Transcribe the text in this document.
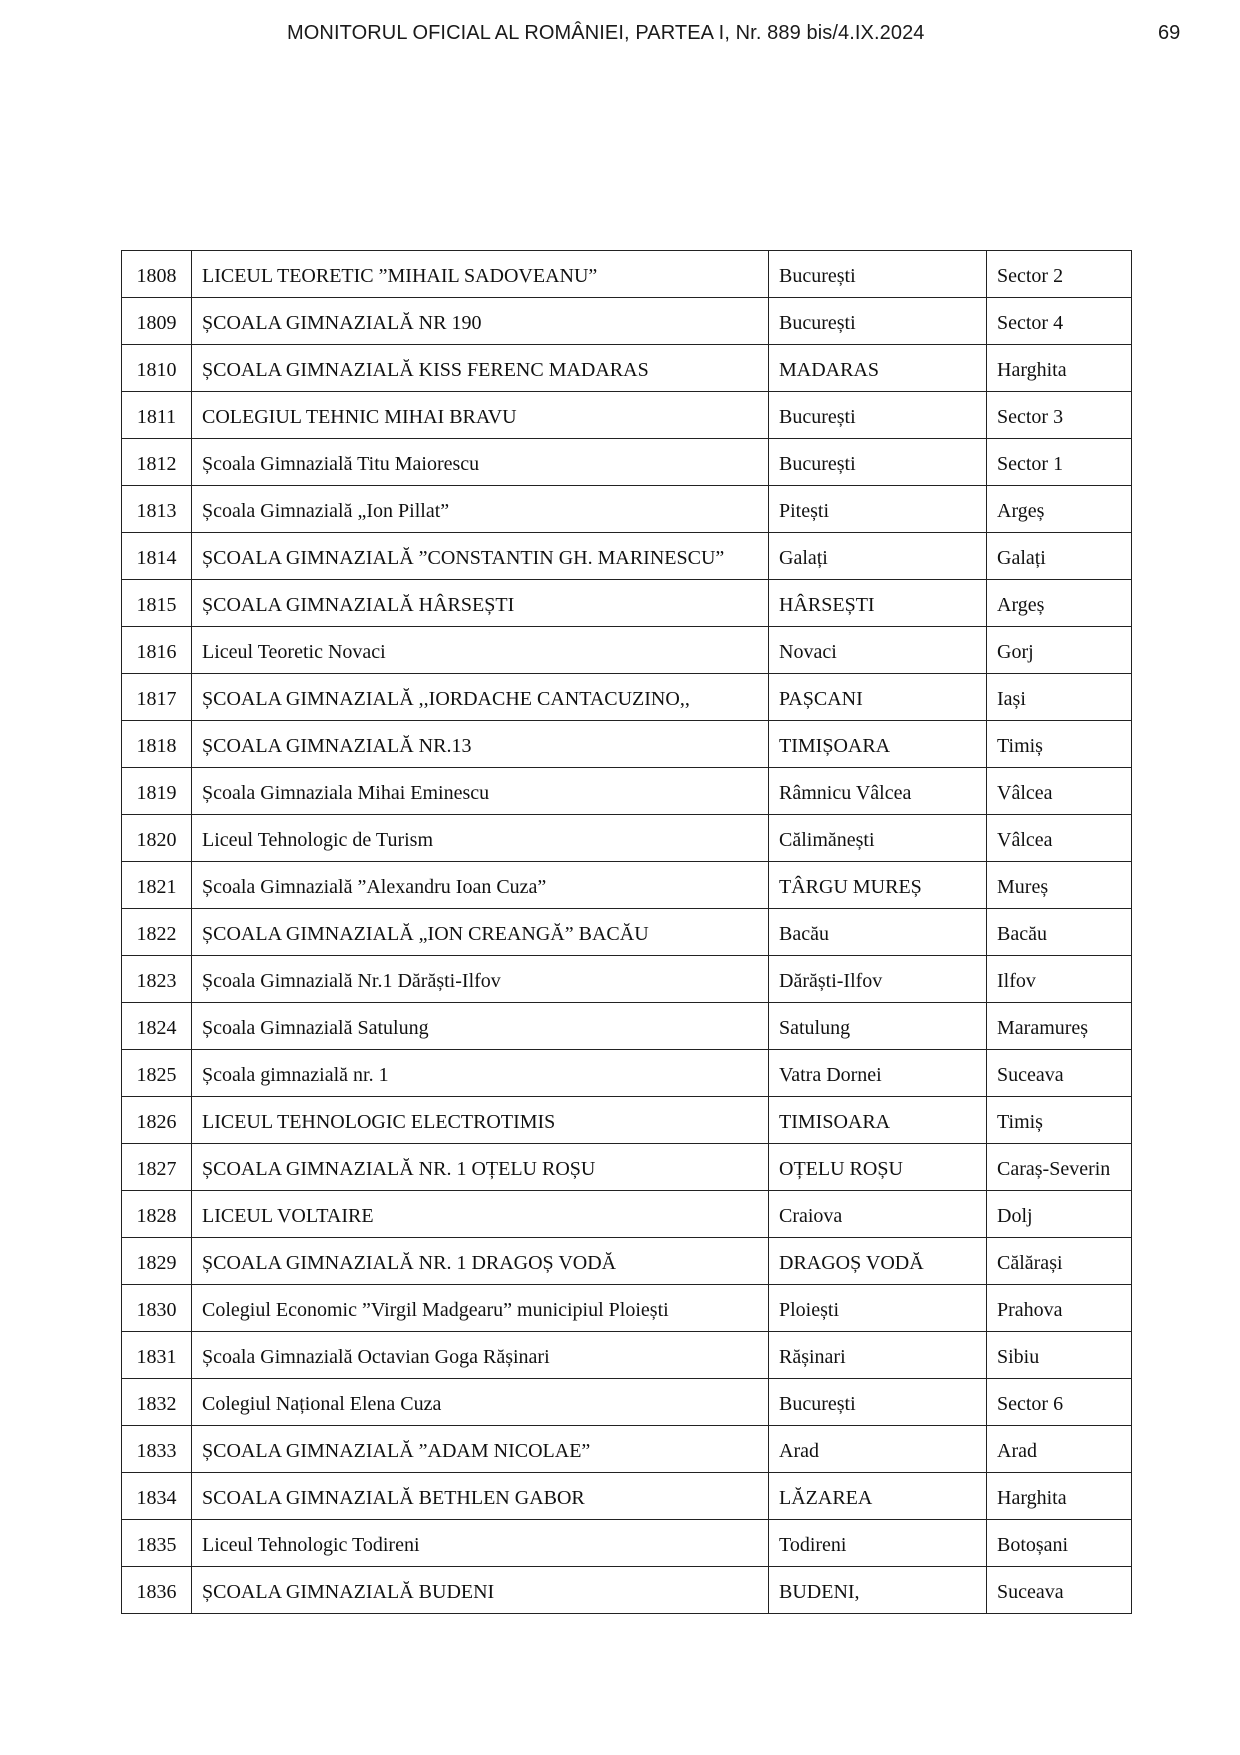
MONITORUL OFICIAL AL ROMÂNIEI, PARTEA I, Nr. 889 bis/4.IX.2024	69
1808	LICEUL TEORETIC ”MIHAIL SADOVEANU”	București	Sector 2
1809	ȘCOALA GIMNAZIALĂ NR 190	București	Sector 4
1810	ȘCOALA GIMNAZIALĂ KISS FERENC MADARAS	MADARAS	Harghita
1811	COLEGIUL TEHNIC MIHAI BRAVU	București	Sector 3
1812	Școala Gimnazială Titu Maiorescu	București	Sector 1
1813	Școala Gimnazială „Ion Pillat”	Pitești	Argeș
1814	ȘCOALA GIMNAZIALĂ ”CONSTANTIN GH. MARINESCU”	Galați	Galați
1815	ȘCOALA GIMNAZIALĂ HÂRSEȘTI	HÂRSEȘTI	Argeș
1816	Liceul Teoretic Novaci	Novaci	Gorj
1817	ȘCOALA GIMNAZIALĂ ,,IORDACHE CANTACUZINO,,	PAȘCANI	Iași
1818	ȘCOALA GIMNAZIALĂ NR.13	TIMIȘOARA	Timiș
1819	Școala Gimnaziala Mihai Eminescu	Râmnicu Vâlcea	Vâlcea
1820	Liceul Tehnologic de Turism	Călimănești	Vâlcea
1821	Școala Gimnazială ”Alexandru Ioan Cuza”	TÂRGU MUREȘ	Mureș
1822	ȘCOALA GIMNAZIALĂ „ION CREANGĂ” BACĂU	Bacău	Bacău
1823	Școala Gimnazială Nr.1 Dărăști-Ilfov	Dărăști-Ilfov	Ilfov
1824	Școala Gimnazială Satulung	Satulung	Maramureș
1825	Școala gimnazială nr. 1	Vatra Dornei	Suceava
1826	LICEUL TEHNOLOGIC ELECTROTIMIS	TIMISOARA	Timiș
1827	ȘCOALA GIMNAZIALĂ NR. 1 OȚELU ROȘU	OȚELU ROȘU	Caraș-Severin
1828	LICEUL VOLTAIRE	Craiova	Dolj
1829	ȘCOALA GIMNAZIALĂ NR. 1 DRAGOȘ VODĂ	DRAGOȘ VODĂ	Călărași
1830	Colegiul Economic ”Virgil Madgearu” municipiul Ploiești	Ploiești	Prahova
1831	Școala Gimnazială Octavian Goga Rășinari	Rășinari	Sibiu
1832	Colegiul Național Elena Cuza	București	Sector 6
1833	ȘCOALA GIMNAZIALĂ ”ADAM NICOLAE”	Arad	Arad
1834	SCOALA GIMNAZIALĂ BETHLEN GABOR	LĂZAREA	Harghita
1835	Liceul Tehnologic Todireni	Todireni	Botoșani
1836	ȘCOALA GIMNAZIALĂ BUDENI	BUDENI,	Suceava
